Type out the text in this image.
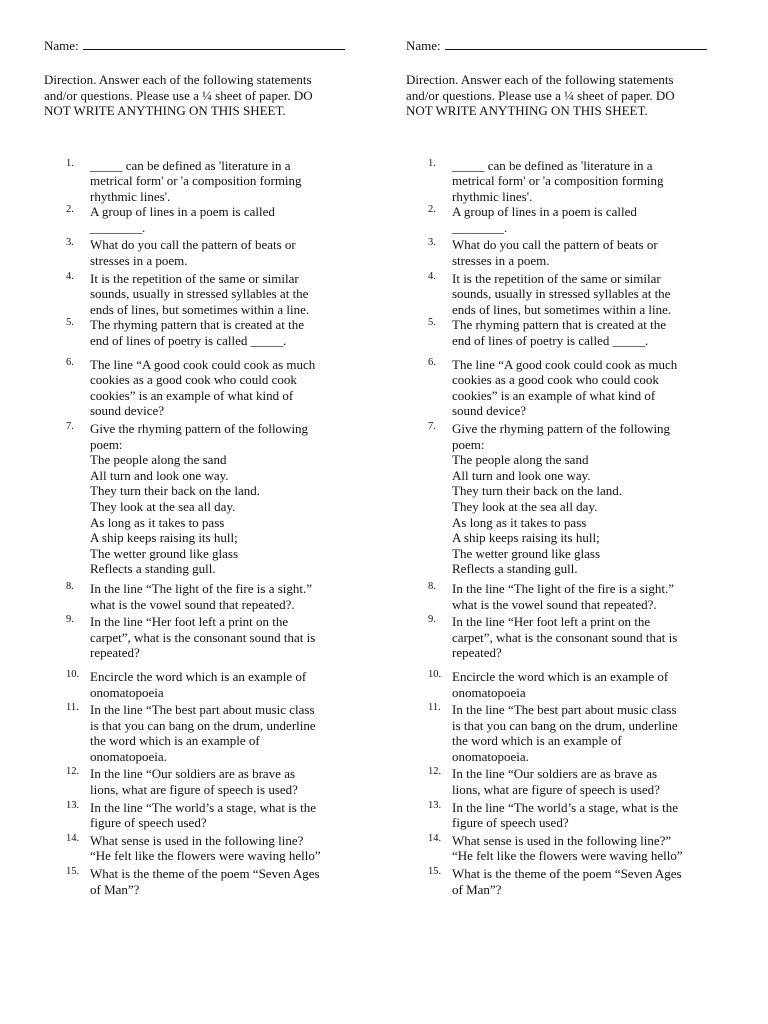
Name:
Direction. Answer each of the following statements
and/or questions. Please use a ¼ sheet of paper. DO
NOT WRITE ANYTHING ON THIS SHEET.
1. _____ can be defined as 'literature in a
metrical form' or 'a composition forming
rhythmic lines'.
2. A group of lines in a poem is called
________.
3. What do you call the pattern of beats or
stresses in a poem.
4. It is the repetition of the same or similar
sounds, usually in stressed syllables at the
ends of lines, but sometimes within a line.
5. The rhyming pattern that is created at the
end of lines of poetry is called _____.
6. The line “A good cook could cook as much
cookies as a good cook who could cook
cookies” is an example of what kind of
sound device?
7. Give the rhyming pattern of the following
poem:
The people along the sand
All turn and look one way.
They turn their back on the land.
They look at the sea all day.
As long as it takes to pass
A ship keeps raising its hull;
The wetter ground like glass
Reflects a standing gull.
8. In the line “The light of the fire is a sight.”
what is the vowel sound that repeated?.
9. In the line “Her foot left a print on the
carpet”, what is the consonant sound that is
repeated?
10. Encircle the word which is an example of
onomatopoeia
11. In the line “The best part about music class
is that you can bang on the drum, underline
the word which is an example of
onomatopoeia.
12. In the line “Our soldiers are as brave as
lions, what are figure of speech is used?
13. In the line “The world’s a stage, what is the
figure of speech used?
14. What sense is used in the following line?
“He felt like the flowers were waving hello”
15. What is the theme of the poem “Seven Ages
of Man”?
Name:
Direction. Answer each of the following statements
and/or questions. Please use a ¼ sheet of paper. DO
NOT WRITE ANYTHING ON THIS SHEET.
1. _____ can be defined as 'literature in a
metrical form' or 'a composition forming
rhythmic lines'.
2. A group of lines in a poem is called
________.
3. What do you call the pattern of beats or
stresses in a poem.
4. It is the repetition of the same or similar
sounds, usually in stressed syllables at the
ends of lines, but sometimes within a line.
5. The rhyming pattern that is created at the
end of lines of poetry is called _____.
6. The line “A good cook could cook as much
cookies as a good cook who could cook
cookies” is an example of what kind of
sound device?
7. Give the rhyming pattern of the following
poem:
The people along the sand
All turn and look one way.
They turn their back on the land.
They look at the sea all day.
As long as it takes to pass
A ship keeps raising its hull;
The wetter ground like glass
Reflects a standing gull.
8. In the line “The light of the fire is a sight.”
what is the vowel sound that repeated?.
9. In the line “Her foot left a print on the
carpet”, what is the consonant sound that is
repeated?
10. Encircle the word which is an example of
onomatopoeia
11. In the line “The best part about music class
is that you can bang on the drum, underline
the word which is an example of
onomatopoeia.
12. In the line “Our soldiers are as brave as
lions, what are figure of speech is used?
13. In the line “The world’s a stage, what is the
figure of speech used?
14. What sense is used in the following line?”
“He felt like the flowers were waving hello”
15. What is the theme of the poem “Seven Ages
of Man”?
